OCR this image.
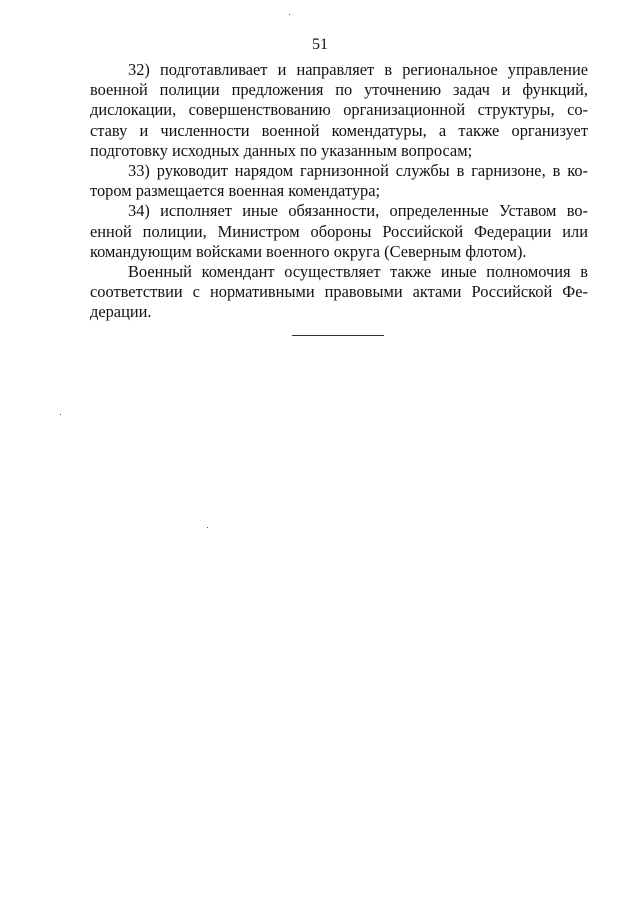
51

32) подготавливает и направляет в региональное управление
военной полиции предложения по уточнению задач и функций,
дислокации, совершенствованию организационной структуры, со-
ставу и численности военной комендатуры, а также организует
подготовку исходных данных по указанным вопросам;

33) руководит нарядом гарнизонной службы в гарнизоне, в ко-
тором размещается военная комендатура;

34) исполняет иные обязанности, определенные Уставом во-
енной полиции, Министром обороны Российской Федерации или
командующим войсками военного округа (Северным флотом).

Военный комендант осуществляет также иные полномочия в
соответствии с нормативными правовыми актами Российской Фе-
дерации.
